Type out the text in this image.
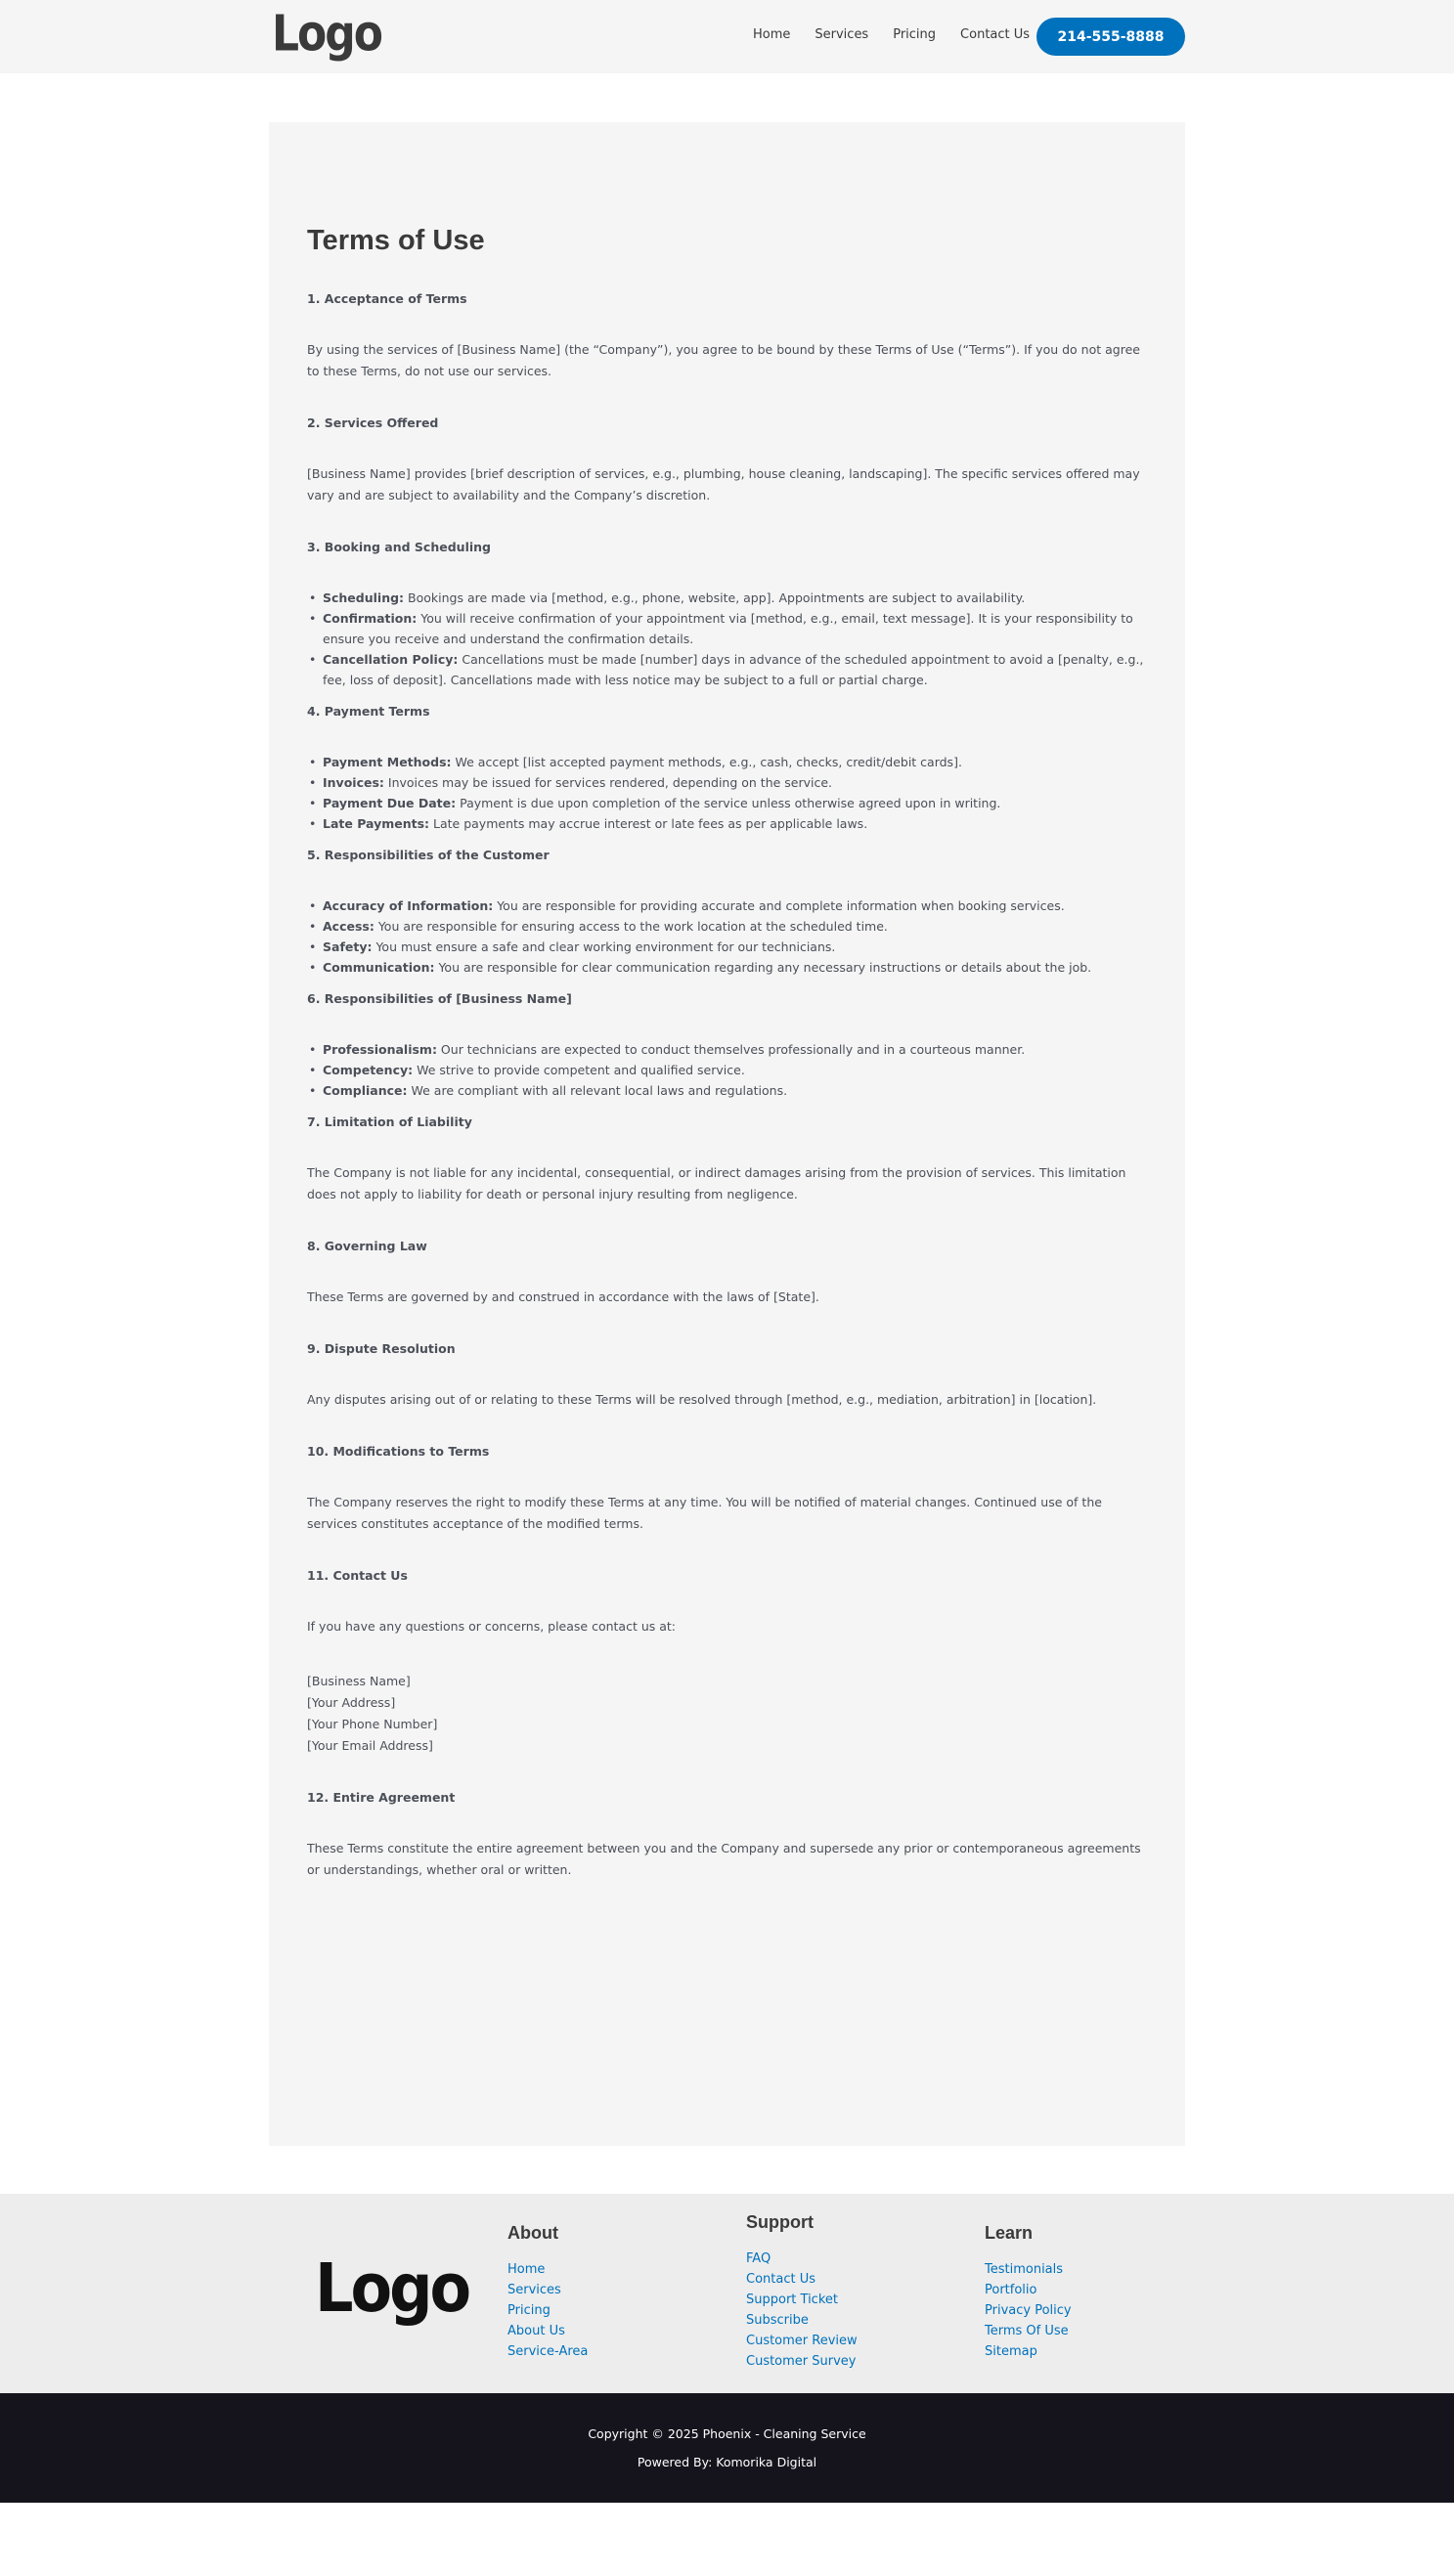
Logo	Home Services Pricing Contact Us	214-555-8888
Terms of Use
1. Acceptance of Terms

By using the services of [Business Name] (the “Company”), you agree to be bound by these Terms of Use (“Terms”). If you do not agree to these Terms, do not use our services.

2. Services Offered

[Business Name] provides [brief description of services, e.g., plumbing, house cleaning, landscaping]. The specific services offered may vary and are subject to availability and the Company’s discretion.

3. Booking and Scheduling
• Scheduling: Bookings are made via [method, e.g., phone, website, app]. Appointments are subject to availability.
• Confirmation: You will receive confirmation of your appointment via [method, e.g., email, text message]. It is your responsibility to ensure you receive and understand the confirmation details.
• Cancellation Policy: Cancellations must be made [number] days in advance of the scheduled appointment to avoid a [penalty, e.g., fee, loss of deposit]. Cancellations made with less notice may be subject to a full or partial charge.
4. Payment Terms
• Payment Methods: We accept [list accepted payment methods, e.g., cash, checks, credit/debit cards].
• Invoices: Invoices may be issued for services rendered, depending on the service.
• Payment Due Date: Payment is due upon completion of the service unless otherwise agreed upon in writing.
• Late Payments: Late payments may accrue interest or late fees as per applicable laws.
5. Responsibilities of the Customer
• Accuracy of Information: You are responsible for providing accurate and complete information when booking services.
• Access: You are responsible for ensuring access to the work location at the scheduled time.
• Safety: You must ensure a safe and clear working environment for our technicians.
• Communication: You are responsible for clear communication regarding any necessary instructions or details about the job.
6. Responsibilities of [Business Name]
• Professionalism: Our technicians are expected to conduct themselves professionally and in a courteous manner.
• Competency: We strive to provide competent and qualified service.
• Compliance: We are compliant with all relevant local laws and regulations.
7. Limitation of Liability

The Company is not liable for any incidental, consequential, or indirect damages arising from the provision of services. This limitation does not apply to liability for death or personal injury resulting from negligence.

8. Governing Law

These Terms are governed by and construed in accordance with the laws of [State].

9. Dispute Resolution

Any disputes arising out of or relating to these Terms will be resolved through [method, e.g., mediation, arbitration] in [location].

10. Modifications to Terms

The Company reserves the right to modify these Terms at any time. You will be notified of material changes. Continued use of the services constitutes acceptance of the modified terms.

11. Contact Us

If you have any questions or concerns, please contact us at:

[Business Name]
[Your Address]
[Your Phone Number]
[Your Email Address]
12. Entire Agreement

These Terms constitute the entire agreement between you and the Company and supersede any prior or contemporaneous agreements or understandings, whether oral or written.

Logo
About
Home
Services
Pricing
About Us
Service-Area
Support
FAQ
Contact Us
Support Ticket
Subscribe
Customer Review
Customer Survey
Learn
Testimonials
Portfolio
Privacy Policy
Terms Of Use
Sitemap

Copyright © 2025 Phoenix - Cleaning Service

Powered By: Komorika Digital
